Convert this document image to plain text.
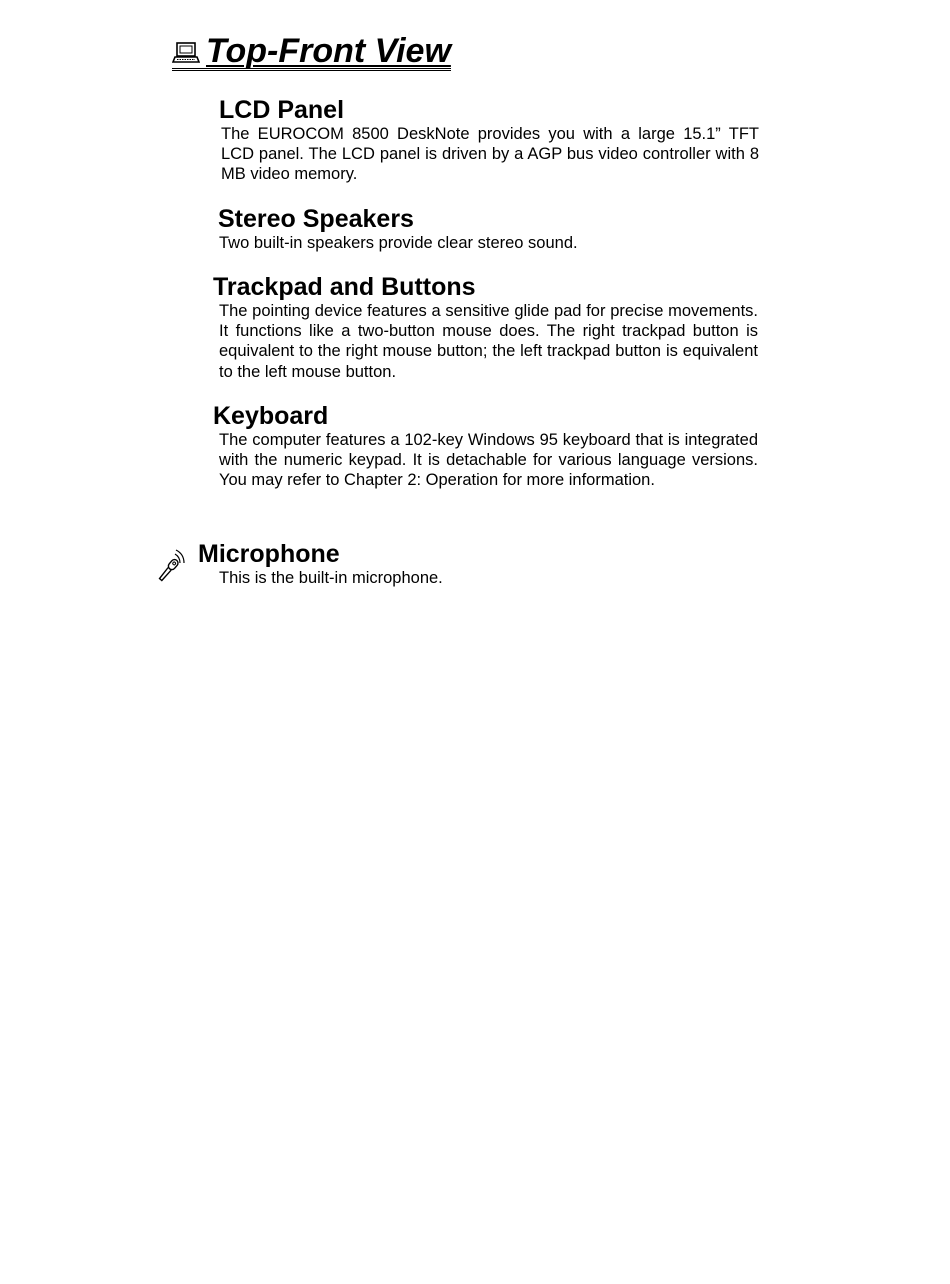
Top-Front View
LCD Panel

The EUROCOM 8500 DeskNote provides you with a large 15.1” TFT LCD panel. The LCD panel is driven by a AGP bus video controller with 8 MB video memory.

Stereo Speakers

Two built-in speakers provide clear stereo sound.

Trackpad and Buttons

The pointing device features a sensitive glide pad for precise movements. It functions like a two-button mouse does. The right trackpad button is equivalent to the right mouse button; the left trackpad button is equivalent to the left mouse button.

Keyboard

The computer features a 102-key Windows 95 keyboard that is integrated with the numeric keypad. It is detachable for various language versions. You may refer to Chapter 2: Operation for more information.

Microphone

This is the built-in microphone.
